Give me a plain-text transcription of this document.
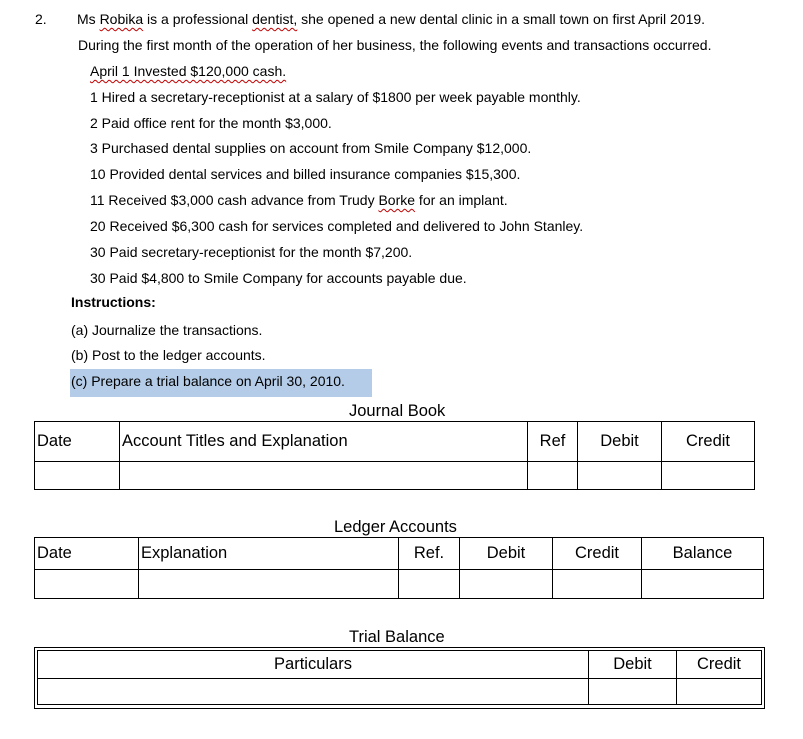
2. Ms Robika is a professional dentist, she opened a new dental clinic in a small town on first April 2019.
During the first month of the operation of her business, the following events and transactions occurred.
April 1 Invested $120,000 cash.
1 Hired a secretary-receptionist at a salary of $1800 per week payable monthly.
2 Paid office rent for the month $3,000.
3 Purchased dental supplies on account from Smile Company $12,000.
10 Provided dental services and billed insurance companies $15,300.
11 Received $3,000 cash advance from Trudy Borke for an implant.
20 Received $6,300 cash for services completed and delivered to John Stanley.
30 Paid secretary-receptionist for the month $7,200.
30 Paid $4,800 to Smile Company for accounts payable due.
Instructions:
(a) Journalize the transactions.
(b) Post to the ledger accounts.
(c) Prepare a trial balance on April 30, 2010.
Journal Book
Date	Account Titles and Explanation	Ref	Debit	Credit

Ledger Accounts
Date	Explanation	Ref.	Debit	Credit	Balance

Trial Balance
Particulars	Debit	Credit
